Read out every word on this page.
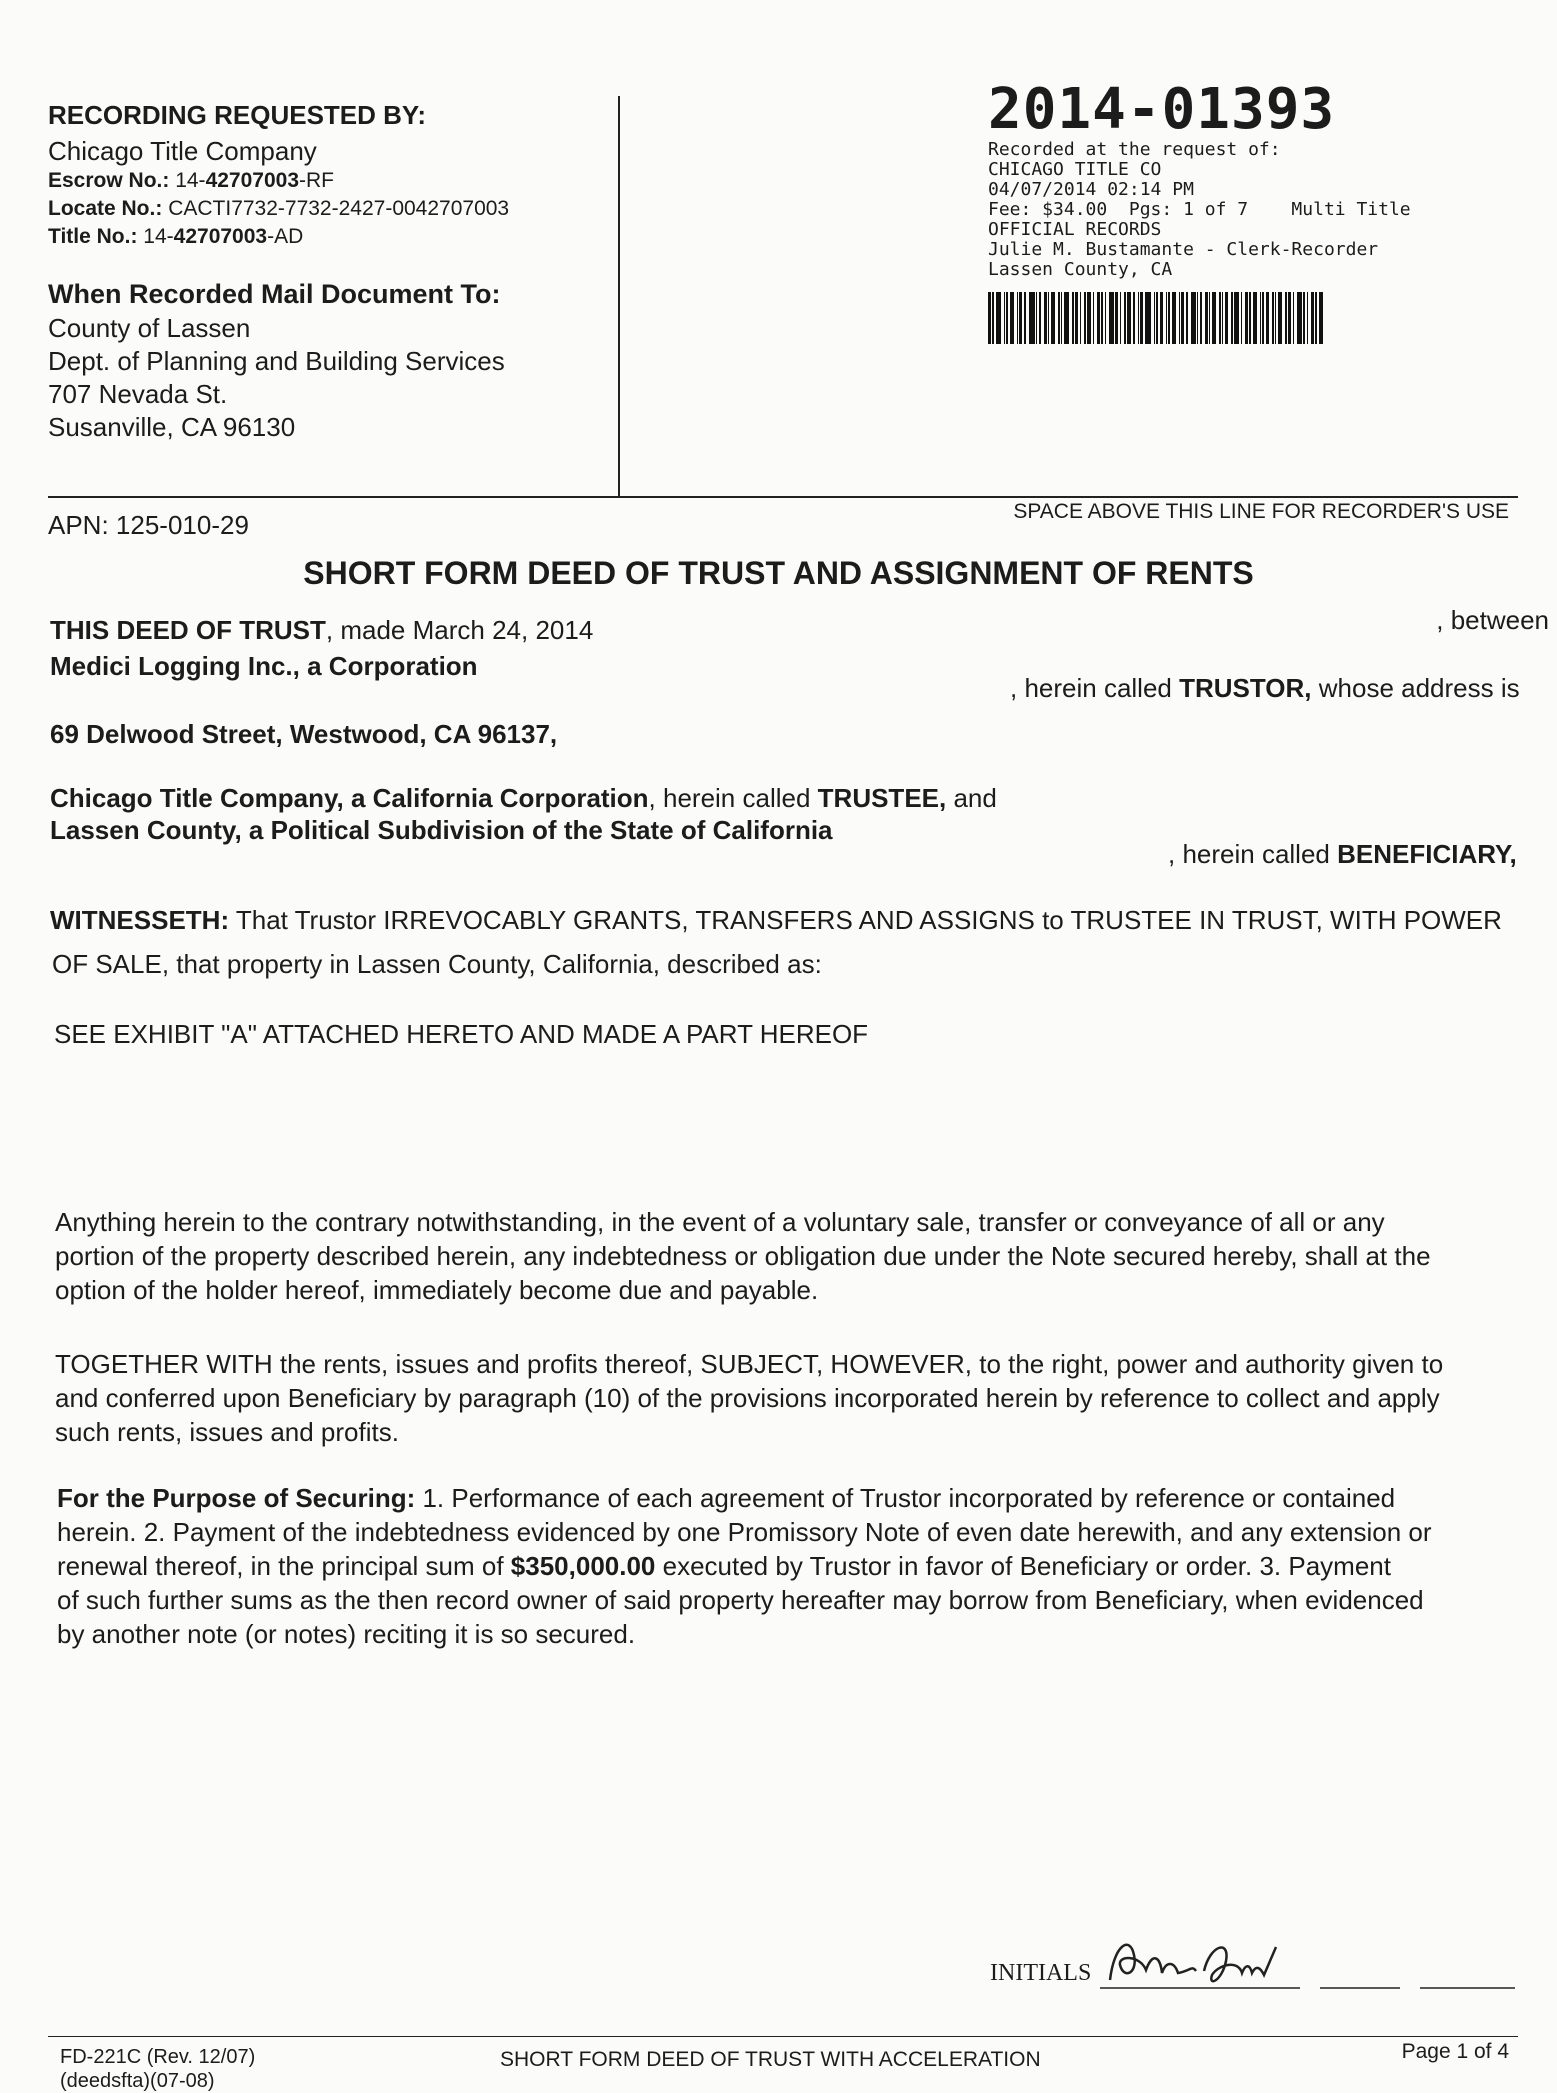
RECORDING REQUESTED BY:
Chicago Title Company
Escrow No.: 14-42707003-RF
Locate No.: CACTI7732-7732-2427-0042707003
Title No.: 14-42707003-AD
When Recorded Mail Document To:
County of Lassen
Dept. of Planning and Building Services
707 Nevada St.
Susanville, CA 96130
2014-01393
Recorded at the request of:
CHICAGO TITLE CO
04/07/2014 02:14 PM
Fee: $34.00  Pgs: 1 of 7    Multi Title
OFFICIAL RECORDS
Julie M. Bustamante - Clerk-Recorder
Lassen County, CA
SPACE ABOVE THIS LINE FOR RECORDER'S USE
APN: 125-010-29
SHORT FORM DEED OF TRUST AND ASSIGNMENT OF RENTS
THIS DEED OF TRUST, made March 24, 2014	, between
Medici Logging Inc., a Corporation
, herein called TRUSTOR, whose address is
69 Delwood Street, Westwood, CA 96137,
Chicago Title Company, a California Corporation, herein called TRUSTEE, and
Lassen County, a Political Subdivision of the State of California
, herein called BENEFICIARY,
WITNESSETH: That Trustor IRREVOCABLY GRANTS, TRANSFERS AND ASSIGNS to TRUSTEE IN TRUST, WITH POWER
OF SALE, that property in Lassen County, California, described as:
SEE EXHIBIT "A" ATTACHED HERETO AND MADE A PART HEREOF
Anything herein to the contrary notwithstanding, in the event of a voluntary sale, transfer or conveyance of all or any
portion of the property described herein, any indebtedness or obligation due under the Note secured hereby, shall at the
option of the holder hereof, immediately become due and payable.
TOGETHER WITH the rents, issues and profits thereof, SUBJECT, HOWEVER, to the right, power and authority given to
and conferred upon Beneficiary by paragraph (10) of the provisions incorporated herein by reference to collect and apply
such rents, issues and profits.
For the Purpose of Securing: 1. Performance of each agreement of Trustor incorporated by reference or contained
herein. 2. Payment of the indebtedness evidenced by one Promissory Note of even date herewith, and any extension or
renewal thereof, in the principal sum of $350,000.00 executed by Trustor in favor of Beneficiary or order. 3. Payment
of such further sums as the then record owner of said property hereafter may borrow from Beneficiary, when evidenced
by another note (or notes) reciting it is so secured.
INITIALS
FD-221C (Rev. 12/07)
(deedsfta)(07-08)
SHORT FORM DEED OF TRUST WITH ACCELERATION	Page 1 of 4
